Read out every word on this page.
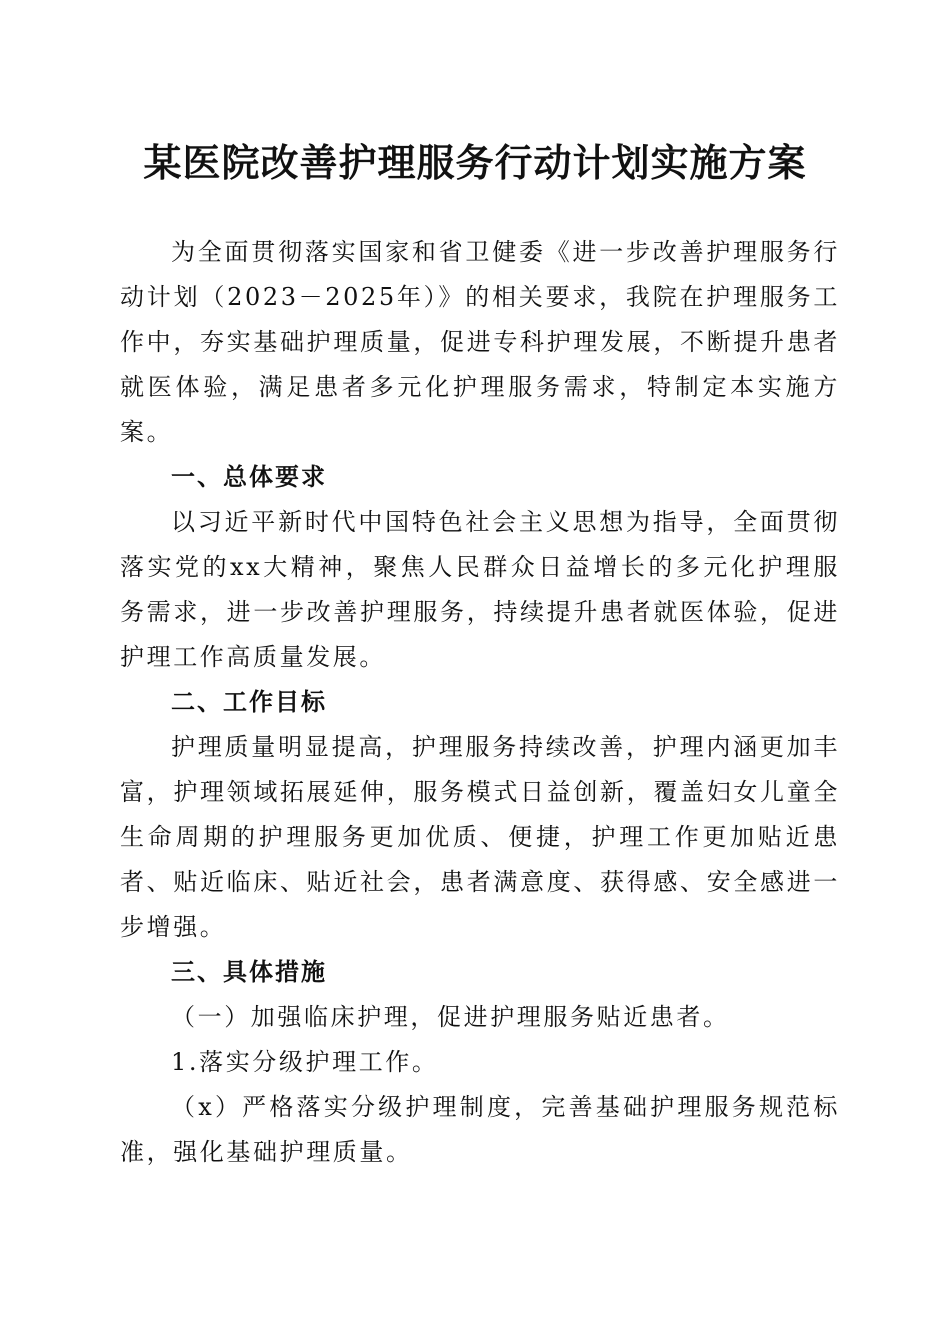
某医院改善护理服务行动计划实施方案

为全面贯彻落实国家和省卫健委《进一步改善护理服务行动计划（2023－2025年）》的相关要求，我院在护理服务工作中，夯实基础护理质量，促进专科护理发展，不断提升患者就医体验，满足患者多元化护理服务需求，特制定本实施方案。

一、总体要求

以习近平新时代中国特色社会主义思想为指导，全面贯彻落实党的xx大精神，聚焦人民群众日益增长的多元化护理服务需求，进一步改善护理服务，持续提升患者就医体验，促进护理工作高质量发展。

二、工作目标

护理质量明显提高，护理服务持续改善，护理内涵更加丰富，护理领域拓展延伸，服务模式日益创新，覆盖妇女儿童全生命周期的护理服务更加优质、便捷，护理工作更加贴近患者、贴近临床、贴近社会，患者满意度、获得感、安全感进一步增强。

三、具体措施

（一）加强临床护理，促进护理服务贴近患者。

1.落实分级护理工作。

（x）严格落实分级护理制度，完善基础护理服务规范标准，强化基础护理质量。
